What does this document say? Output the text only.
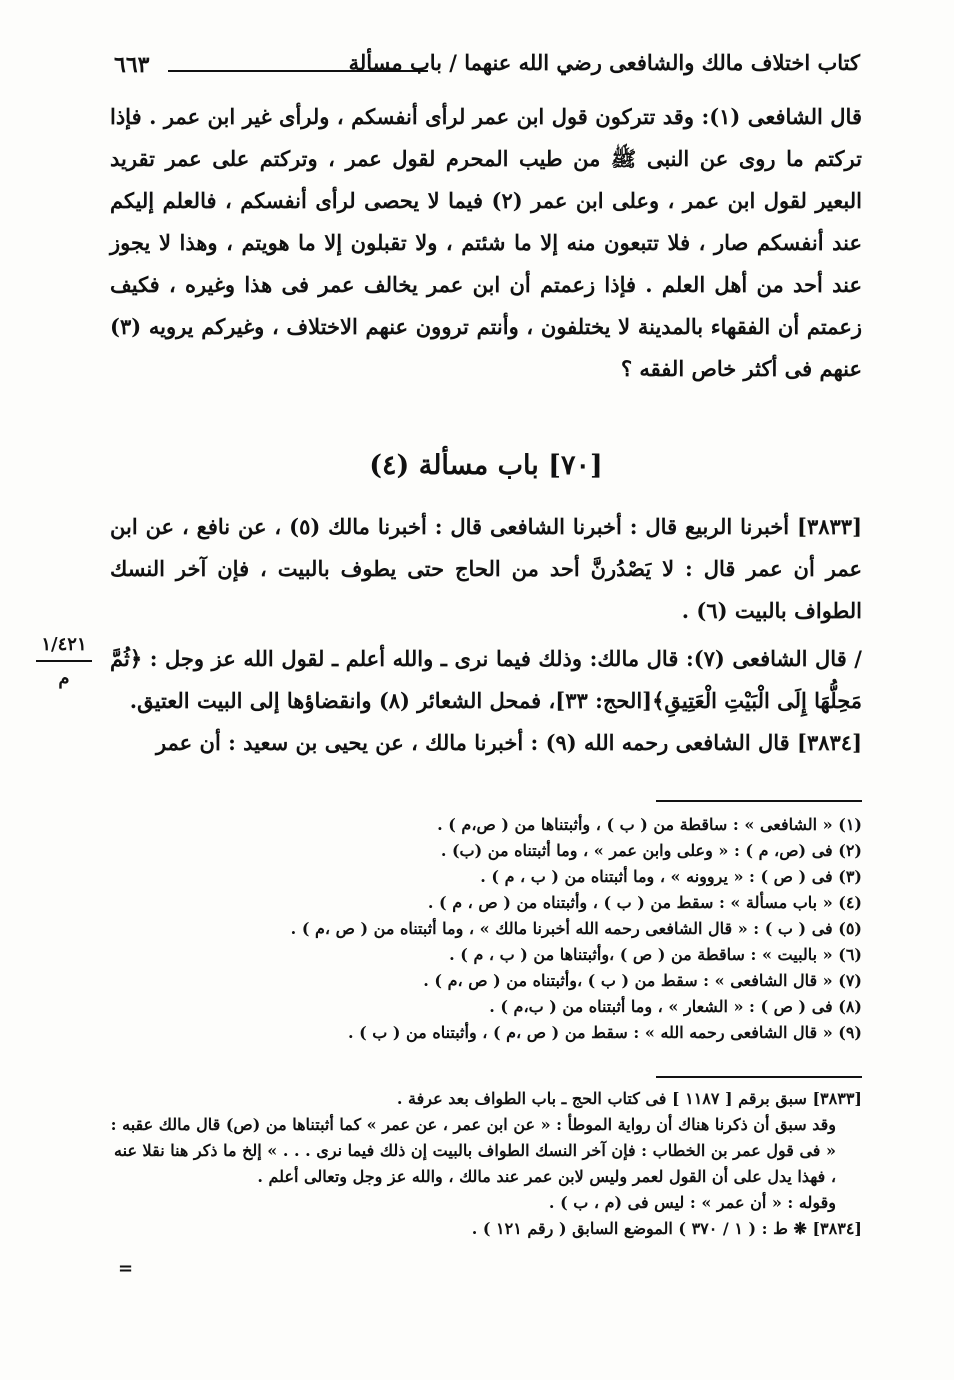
٦٦٣	كتاب اختلاف مالك والشافعى رضي الله عنهما / باب مسألة

قال الشافعى (١): وقد تتركون قول ابن عمر لرأى أنفسكم ، ولرأى غير ابن عمر . فإذا تركتم ما روى عن النبى ﷺ من طيب المحرم لقول عمر ، وتركتم على عمر تقريد البعير لقول ابن عمر ، وعلى ابن عمر (٢) فيما لا يحصى لرأى أنفسكم ، فالعلم إليكم عند أنفسكم صار ، فلا تتبعون منه إلا ما شئتم ، ولا تقبلون إلا ما هويتم ، وهذا لا يجوز عند أحد من أهل العلم . فإذا زعمتم أن ابن عمر يخالف عمر فى هذا وغيره ، فكيف زعمتم أن الفقهاء بالمدينة لا يختلفون ، وأنتم تروون عنهم الاختلاف ، وغيركم يرويه (٣) عنهم فى أكثر خاص الفقه ؟

[٧٠] باب مسألة (٤)

[٣٨٣٣] أخبرنا الربيع قال : أخبرنا الشافعى قال : أخبرنا مالك (٥) ، عن نافع ، عن ابن عمر أن عمر قال : لا يَصْدُرنَّ أحد من الحاج حتى يطوف بالبيت ، فإن آخر النسك الطواف بالبيت (٦) .

/ قال الشافعى (٧): قال مالك: وذلك فيما نرى ـ والله أعلم ـ لقول الله عز وجل : ﴿ثُمَّ مَحِلُّهَا إِلَى الْبَيْتِ الْعَتِيقِ﴾[الحج: ٣٣]، فمحل الشعائر (٨) وانقضاؤها إلى البيت العتيق.

[٣٨٣٤] قال الشافعى رحمه الله (٩) : أخبرنا مالك ، عن يحيى بن سعيد : أن عمر

١/٤٢١
م
(١) « الشافعى » : ساقطة من ( ب ) ، وأثبتناها من ( ص،م ) .
(٢) فى (ص، م ) : « وعلى وابن عمر » ، وما أثبتناه من (ب) .
(٣) فى ( ص ) : « يروونه » ، وما أثبتناه من ( ب ، م ) .
(٤) « باب مسألة » : سقط من ( ب ) ، وأثبتناه من ( ص ، م ) .
(٥) فى ( ب ) : « قال الشافعى رحمه الله أخبرنا مالك » ، وما أثبتناه من ( ص ،م ) .
(٦) « بالبيت » : ساقطة من ( ص ) ،وأثبتناها من ( ب ، م ) .
(٧) « قال الشافعى » : سقط من ( ب ) ،وأثبتناه من ( ص ،م ) .
(٨) فى ( ص ) : « الشعار » ، وما أثبتناه من ( ب،م ) .
(٩) « قال الشافعى رحمه الله » : سقط من ( ص ،م ) ، وأثبتناه من ( ب ) .
[٣٨٣٣] سبق برقم [ ١١٨٧ ] فى كتاب الحج ـ باب الطواف بعد عرفة .
وقد سبق أن ذكرنا هناك أن رواية الموطأ : « عن ابن عمر ، عن عمر » كما أثبتناها من (ص) قال مالك عقبه : « فى قول عمر بن الخطاب : فإن آخر النسك الطواف بالبيت إن ذلك فيما نرى . . . » إلخ ما ذكر هنا نقلا عنه ، فهذا يدل على أن القول لعمر وليس لابن عمر عند مالك ، والله عز وجل وتعالى أعلم .
وقوله : « أن عمر » : ليس فى (م ، ب ) .
[٣٨٣٤] ❋ ط : ( ١ / ٣٧٠ ) الموضع السابق ( رقم ١٢١ ) .
=
